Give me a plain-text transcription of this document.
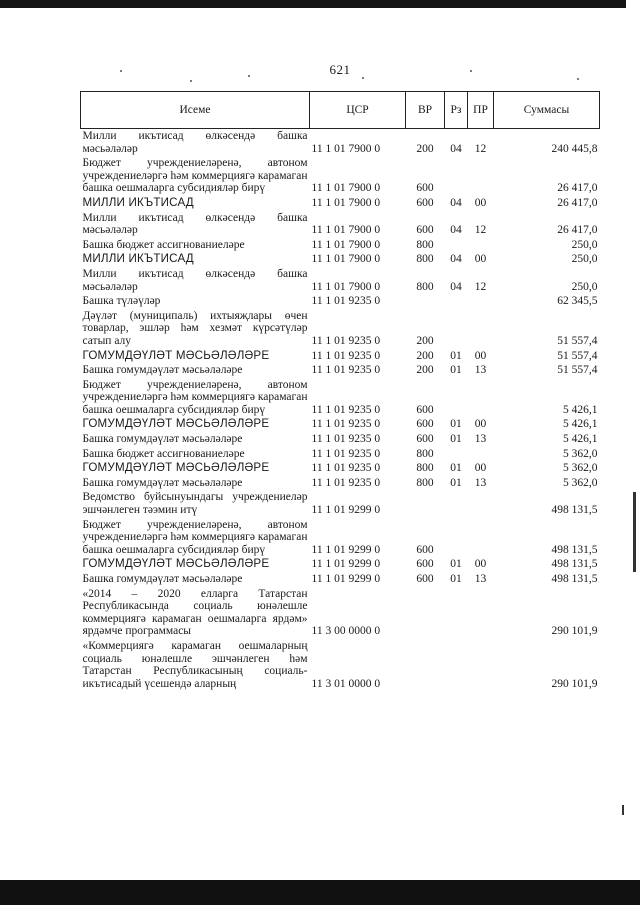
621
Исеме	ЦСР	ВР	Рз	ПР	Суммасы
Милли икътисад өлкәсендә башка мәсьәләләр	11 1 01 7900 0	200	04	12	240 445,8
Бюджет учреждениеләренә, автоном учреждениеләргә һәм коммерциягә карамаган башка оешмаларга субсидияләр бирү	11 1 01 7900 0	600			26 417,0
МИЛЛИ ИКЪТИСАД	11 1 01 7900 0	600	04	00	26 417,0
Милли икътисад өлкәсендә башка мәсьәләләр	11 1 01 7900 0	600	04	12	26 417,0
Башка бюджет ассигнованиеләре	11 1 01 7900 0	800			250,0
МИЛЛИ ИКЪТИСАД	11 1 01 7900 0	800	04	00	250,0
Милли икътисад өлкәсендә башка мәсьәләләр	11 1 01 7900 0	800	04	12	250,0
Башка түләүләр	11 1 01 9235 0				62 345,5
Дәүләт (муниципаль) ихтыяҗлары өчен товарлар, эшләр һәм хезмәт күрсәтүләр сатып алу	11 1 01 9235 0	200			51 557,4
ГОМУМДӘҮЛӘТ МӘСЬӘЛӘЛӘРЕ	11 1 01 9235 0	200	01	00	51 557,4
Башка гомумдәүләт мәсьәләләре	11 1 01 9235 0	200	01	13	51 557,4
Бюджет учреждениеләренә, автоном учреждениеләргә һәм коммерциягә карамаган башка оешмаларга субсидияләр бирү	11 1 01 9235 0	600			5 426,1
ГОМУМДӘҮЛӘТ МӘСЬӘЛӘЛӘРЕ	11 1 01 9235 0	600	01	00	5 426,1
Башка гомумдәүләт мәсьәләләре	11 1 01 9235 0	600	01	13	5 426,1
Башка бюджет ассигнованиеләре	11 1 01 9235 0	800			5 362,0
ГОМУМДӘҮЛӘТ МӘСЬӘЛӘЛӘРЕ	11 1 01 9235 0	800	01	00	5 362,0
Башка гомумдәүләт мәсьәләләре	11 1 01 9235 0	800	01	13	5 362,0
Ведомство буйсынуындагы учреждениеләр эшчәнлеген тәэмин итү	11 1 01 9299 0				498 131,5
Бюджет учреждениеләренә, автоном учреждениеләргә һәм коммерциягә карамаган башка оешмаларга субсидияләр бирү	11 1 01 9299 0	600			498 131,5
ГОМУМДӘҮЛӘТ МӘСЬӘЛӘЛӘРЕ	11 1 01 9299 0	600	01	00	498 131,5
Башка гомумдәүләт мәсьәләләре	11 1 01 9299 0	600	01	13	498 131,5
«2014 – 2020 елларга Татарстан Республикасында социаль юнәлешле коммерциягә карамаган оешмаларга ярдәм» ярдәмче программасы	11 3 00 0000 0				290 101,9
«Коммерциягә карамаган оешмаларның социаль юнәлешле эшчәнлеген һәм Татарстан Республикасының социаль-икътисадый үсешендә аларның	11 3 01 0000 0				290 101,9
